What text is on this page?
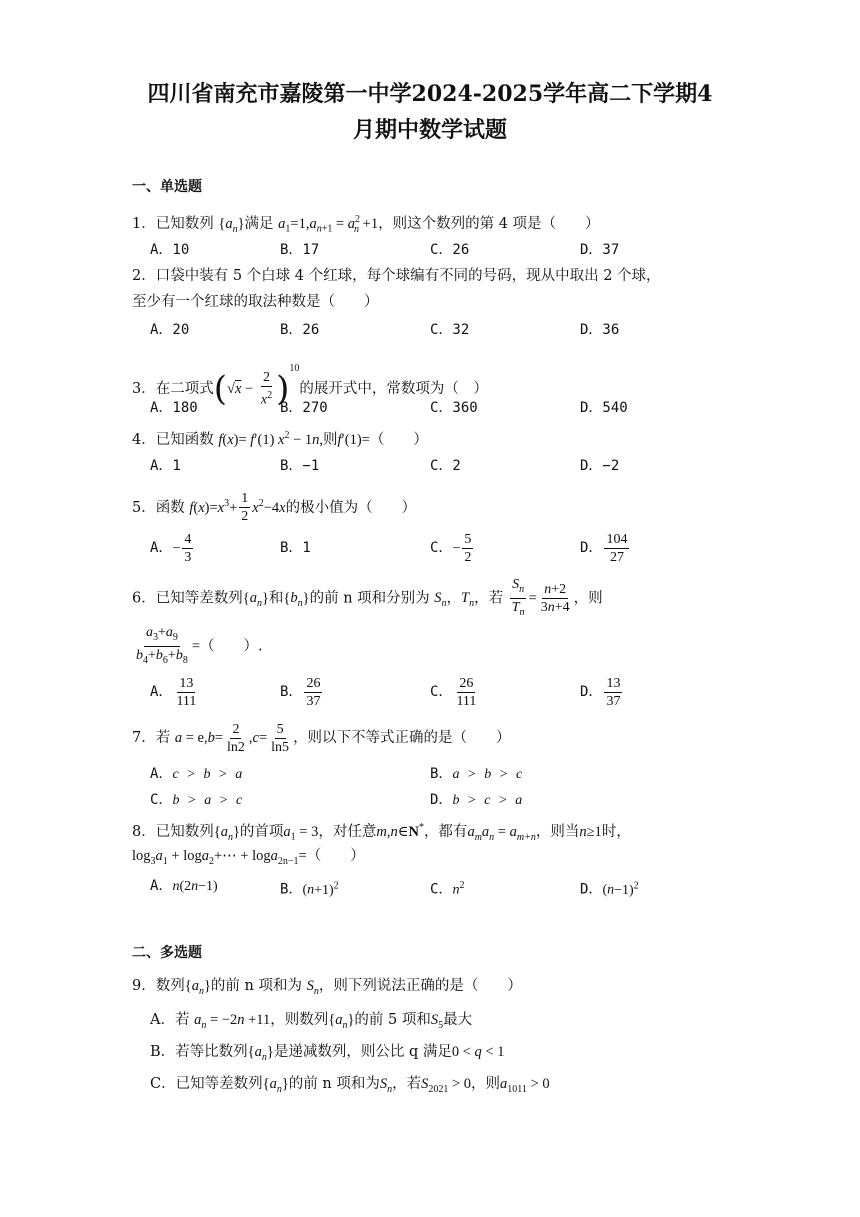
四川省南充市嘉陵第一中学2024-2025学年高二下学期4
月期中数学试题
一、单选题
1．已知数列 $\{a_n\}$满足 $a_1=1,a_{n+1} = a^2_n +1$，则这个数列的第 4 项是（　　）
A．10	B．17	C．26	D．37
2．口袋中装有 5 个白球 4 个红球，每个球编有不同的号码，现从中取出 2 个球，
至少有一个红球的取法种数是（　　）
A．20	B．26	C．32	D．36
3．在二项式$(√x - \frac{2}{x^2} )^{10}$的展开式中，常数项为（　）
A．180	B．270	C．360	D．540
4．已知函数 f(x)= f′(1) $x^2 - 1n$,则f′(1)=（　　）
A．1	B．−1	C．2	D．−2
5．函数 $f(x)=x^3+ \frac{1}{2} x^2-4x$的极小值为（　　）
A．− $\frac{4}{3}$	B．1	C．− $\frac{5}{2}$	D． $\frac{104}{27}$
6．已知等差数列$\{a_n\}$和$\{b_n\}$的前 n 项和分别为 $S_n$，$T_n$，若 $\frac{S_n}{T_n} = \frac{n+2}{3n+4}$ ，则
$\frac{a_3+a_9}{b_4+b_6+b_8}$ =（　　）.
A． $\frac{13}{111}$	B． $\frac{26}{37}$	C． $\frac{26}{111}$	D． $\frac{13}{37}$
7．若 $a = e,b= \frac{2}{\ln 2} ,c= \frac{5}{\ln 5}$ ，则以下不等式正确的是（　　）
A．c > b > a	B．a > b > c
C．b > a > c	D．b > c > a
8．已知数列$\{a_n\}$的首项$a_1 = 3$，对任意m,n∈N*，都有$a_ma_n = a_{m+n}$，则当n≥1时，
$\log_3a_1$ + loga$_2$+⋯ + loga$_{2n-1}$=（　　）
A．n(2n−1)	B．$(n+1)^2$	C．$n^2$	D．$(n-1)^2$
二、多选题
9．数列$\{a_n\}$的前 n 项和为 $S_n$，则下列说法正确的是（　　）
A．若 $a_n = -2n +11$，则数列$\{a_n\}$的前 5 项和$S_5$最大
B．若等比数列$\{a_n\}$是递减数列，则公比 q 满足0 < q < 1
C．已知等差数列$\{a_n\}$的前 n 项和为$S_n$，若$S_{2021} > 0$，则$a_{1011} > 0$
